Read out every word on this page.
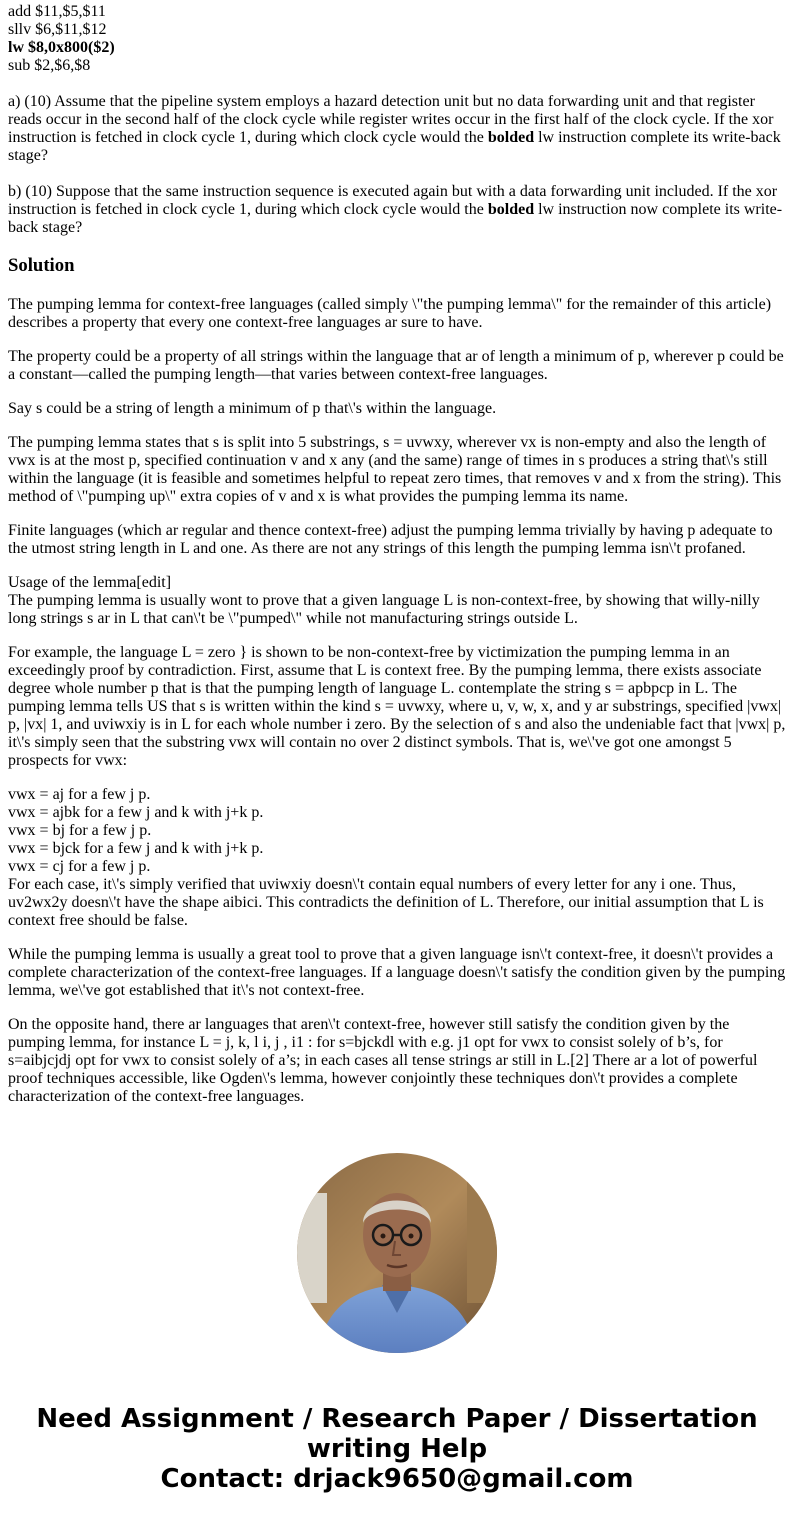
add $11,$5,$11
sllv $6,$11,$12
lw $8,0x800($2)
sub $2,$6,$8
a) (10) Assume that the pipeline system employs a hazard detection unit but no data forwarding unit and that register reads occur in the second half of the clock cycle while register writes occur in the first half of the clock cycle. If the xor instruction is fetched in clock cycle 1, during which clock cycle would the bolded lw instruction complete its write-back stage?
b) (10) Suppose that the same instruction sequence is executed again but with a data forwarding unit included. If the xor instruction is fetched in clock cycle 1, during which clock cycle would the bolded lw instruction now complete its write-back stage?
Solution

The pumping lemma for context-free languages (called simply \"the pumping lemma\" for the remainder of this article) describes a property that every one context-free languages ar sure to have.

The property could be a property of all strings within the language that ar of length a minimum of p, wherever p could be a constant—called the pumping length—that varies between context-free languages.

Say s could be a string of length a minimum of p that\'s within the language.

The pumping lemma states that s is split into 5 substrings, s = uvwxy, wherever vx is non-empty and also the length of vwx is at the most p, specified continuation v and x any (and the same) range of times in s produces a string that\'s still within the language (it is feasible and sometimes helpful to repeat zero times, that removes v and x from the string). This method of \"pumping up\" extra copies of v and x is what provides the pumping lemma its name.

Finite languages (which ar regular and thence context-free) adjust the pumping lemma trivially by having p adequate to the utmost string length in L and one. As there are not any strings of this length the pumping lemma isn\'t profaned.

Usage of the lemma[edit]

The pumping lemma is usually wont to prove that a given language L is non-context-free, by showing that willy-nilly long strings s ar in L that can\'t be \"pumped\" while not manufacturing strings outside L.

For example, the language L = zero } is shown to be non-context-free by victimization the pumping lemma in an exceedingly proof by contradiction. First, assume that L is context free. By the pumping lemma, there exists associate degree whole number p that is that the pumping length of language L. contemplate the string s = apbpcp in L. The pumping lemma tells US that s is written within the kind s = uvwxy, where u, v, w, x, and y ar substrings, specified |vwx| p, |vx| 1, and uviwxiy is in L for each whole number i zero. By the selection of s and also the undeniable fact that |vwx| p, it\'s simply seen that the substring vwx will contain no over 2 distinct symbols. That is, we\'ve got one amongst 5 prospects for vwx:

vwx = aj for a few j p.
vwx = ajbk for a few j and k with j+k p.
vwx = bj for a few j p.
vwx = bjck for a few j and k with j+k p.
vwx = cj for a few j p.

For each case, it\'s simply verified that uviwxiy doesn\'t contain equal numbers of every letter for any i one. Thus, uv2wx2y doesn\'t have the shape aibici. This contradicts the definition of L. Therefore, our initial assumption that L is context free should be false.

While the pumping lemma is usually a great tool to prove that a given language isn\'t context-free, it doesn\'t provides a complete characterization of the context-free languages. If a language doesn\'t satisfy the condition given by the pumping lemma, we\'ve got established that it\'s not context-free.

On the opposite hand, there ar languages that aren\'t context-free, however still satisfy the condition given by the pumping lemma, for instance L = j, k, l i, j , i1 : for s=bjckdl with e.g. j1 opt for vwx to consist solely of b’s, for s=aibjcjdj opt for vwx to consist solely of a’s; in each cases all tense strings ar still in L.[2] There ar a lot of powerful proof techniques accessible, like Ogden\'s lemma, however conjointly these techniques don\'t provides a complete characterization of the context-free languages.

Need Assignment / Research Paper / Dissertation
writing Help
Contact: drjack9650@gmail.com
